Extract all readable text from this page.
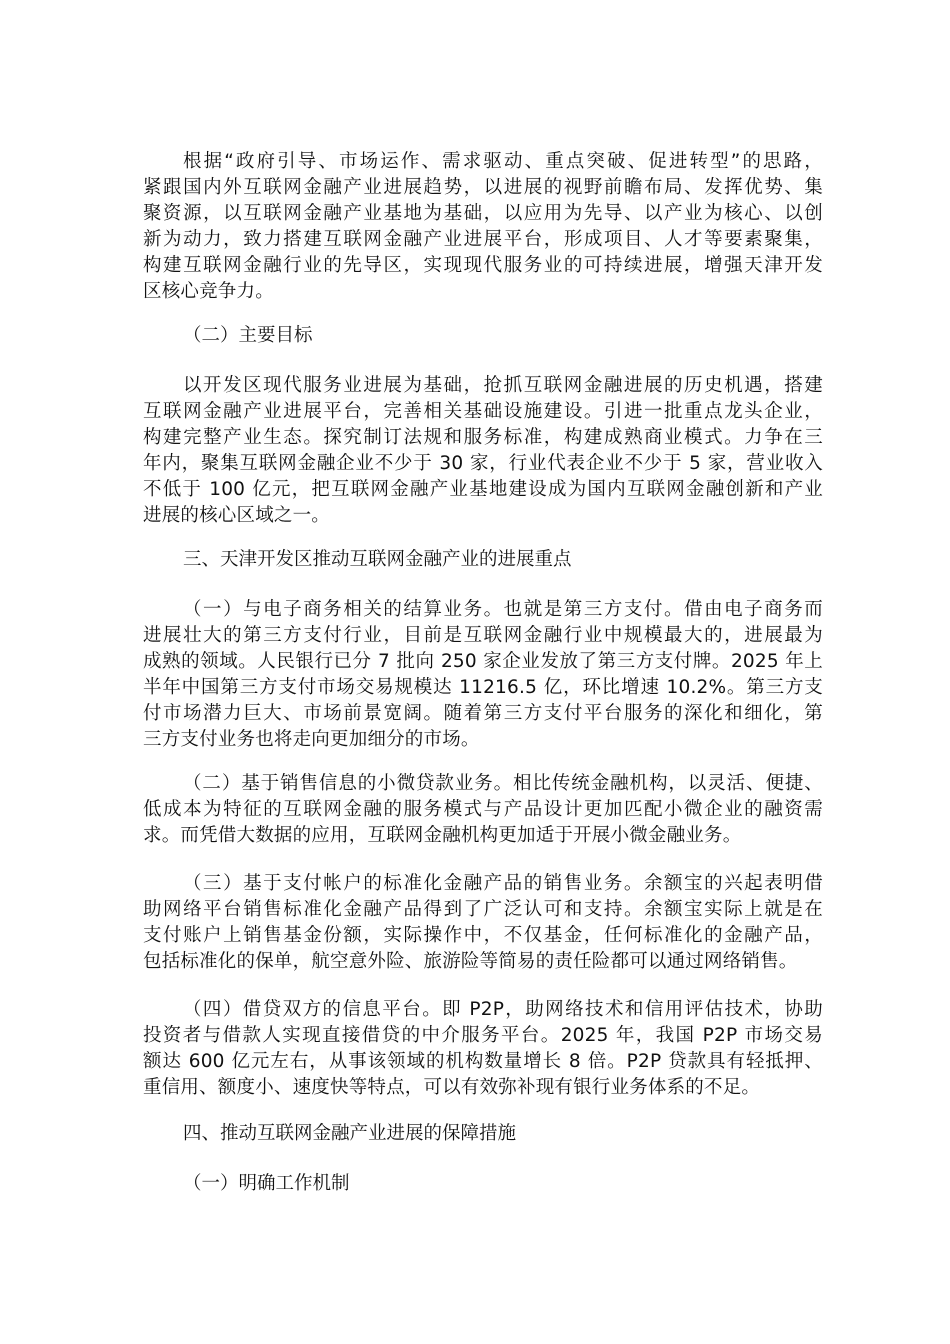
根据“政府引导、市场运作、需求驱动、重点突破、促进转型”的思路，
紧跟国内外互联网金融产业进展趋势，以进展的视野前瞻布局、发挥优势、集
聚资源，以互联网金融产业基地为基础，以应用为先导、以产业为核心、以创
新为动力，致力搭建互联网金融产业进展平台，形成项目、人才等要素聚集，
构建互联网金融行业的先导区，实现现代服务业的可持续进展，增强天津开发
区核心竞争力。
（二）主要目标
以开发区现代服务业进展为基础，抢抓互联网金融进展的历史机遇，搭建
互联网金融产业进展平台，完善相关基础设施建设。引进一批重点龙头企业，
构建完整产业生态。探究制订法规和服务标准，构建成熟商业模式。力争在三
年内，聚集互联网金融企业不少于 30 家，行业代表企业不少于 5 家，营业收入
不低于 100 亿元，把互联网金融产业基地建设成为国内互联网金融创新和产业
进展的核心区域之一。
三、天津开发区推动互联网金融产业的进展重点
（一）与电子商务相关的结算业务。也就是第三方支付。借由电子商务而
进展壮大的第三方支付行业，目前是互联网金融行业中规模最大的，进展最为
成熟的领域。人民银行已分 7 批向 250 家企业发放了第三方支付牌。2025 年上
半年中国第三方支付市场交易规模达 11216.5 亿，环比增速 10.2%。第三方支
付市场潜力巨大、市场前景宽阔。随着第三方支付平台服务的深化和细化，第
三方支付业务也将走向更加细分的市场。
（二）基于销售信息的小微贷款业务。相比传统金融机构，以灵活、便捷、
低成本为特征的互联网金融的服务模式与产品设计更加匹配小微企业的融资需
求。而凭借大数据的应用，互联网金融机构更加适于开展小微金融业务。
（三）基于支付帐户的标准化金融产品的销售业务。余额宝的兴起表明借
助网络平台销售标准化金融产品得到了广泛认可和支持。余额宝实际上就是在
支付账户上销售基金份额，实际操作中，不仅基金，任何标准化的金融产品，
包括标准化的保单，航空意外险、旅游险等简易的责任险都可以通过网络销售。
（四）借贷双方的信息平台。即 P2P，助网络技术和信用评估技术，协助
投资者与借款人实现直接借贷的中介服务平台。2025 年，我国 P2P 市场交易
额达 600 亿元左右，从事该领域的机构数量增长 8 倍。P2P 贷款具有轻抵押、
重信用、额度小、速度快等特点，可以有效弥补现有银行业务体系的不足。
四、推动互联网金融产业进展的保障措施
（一）明确工作机制
